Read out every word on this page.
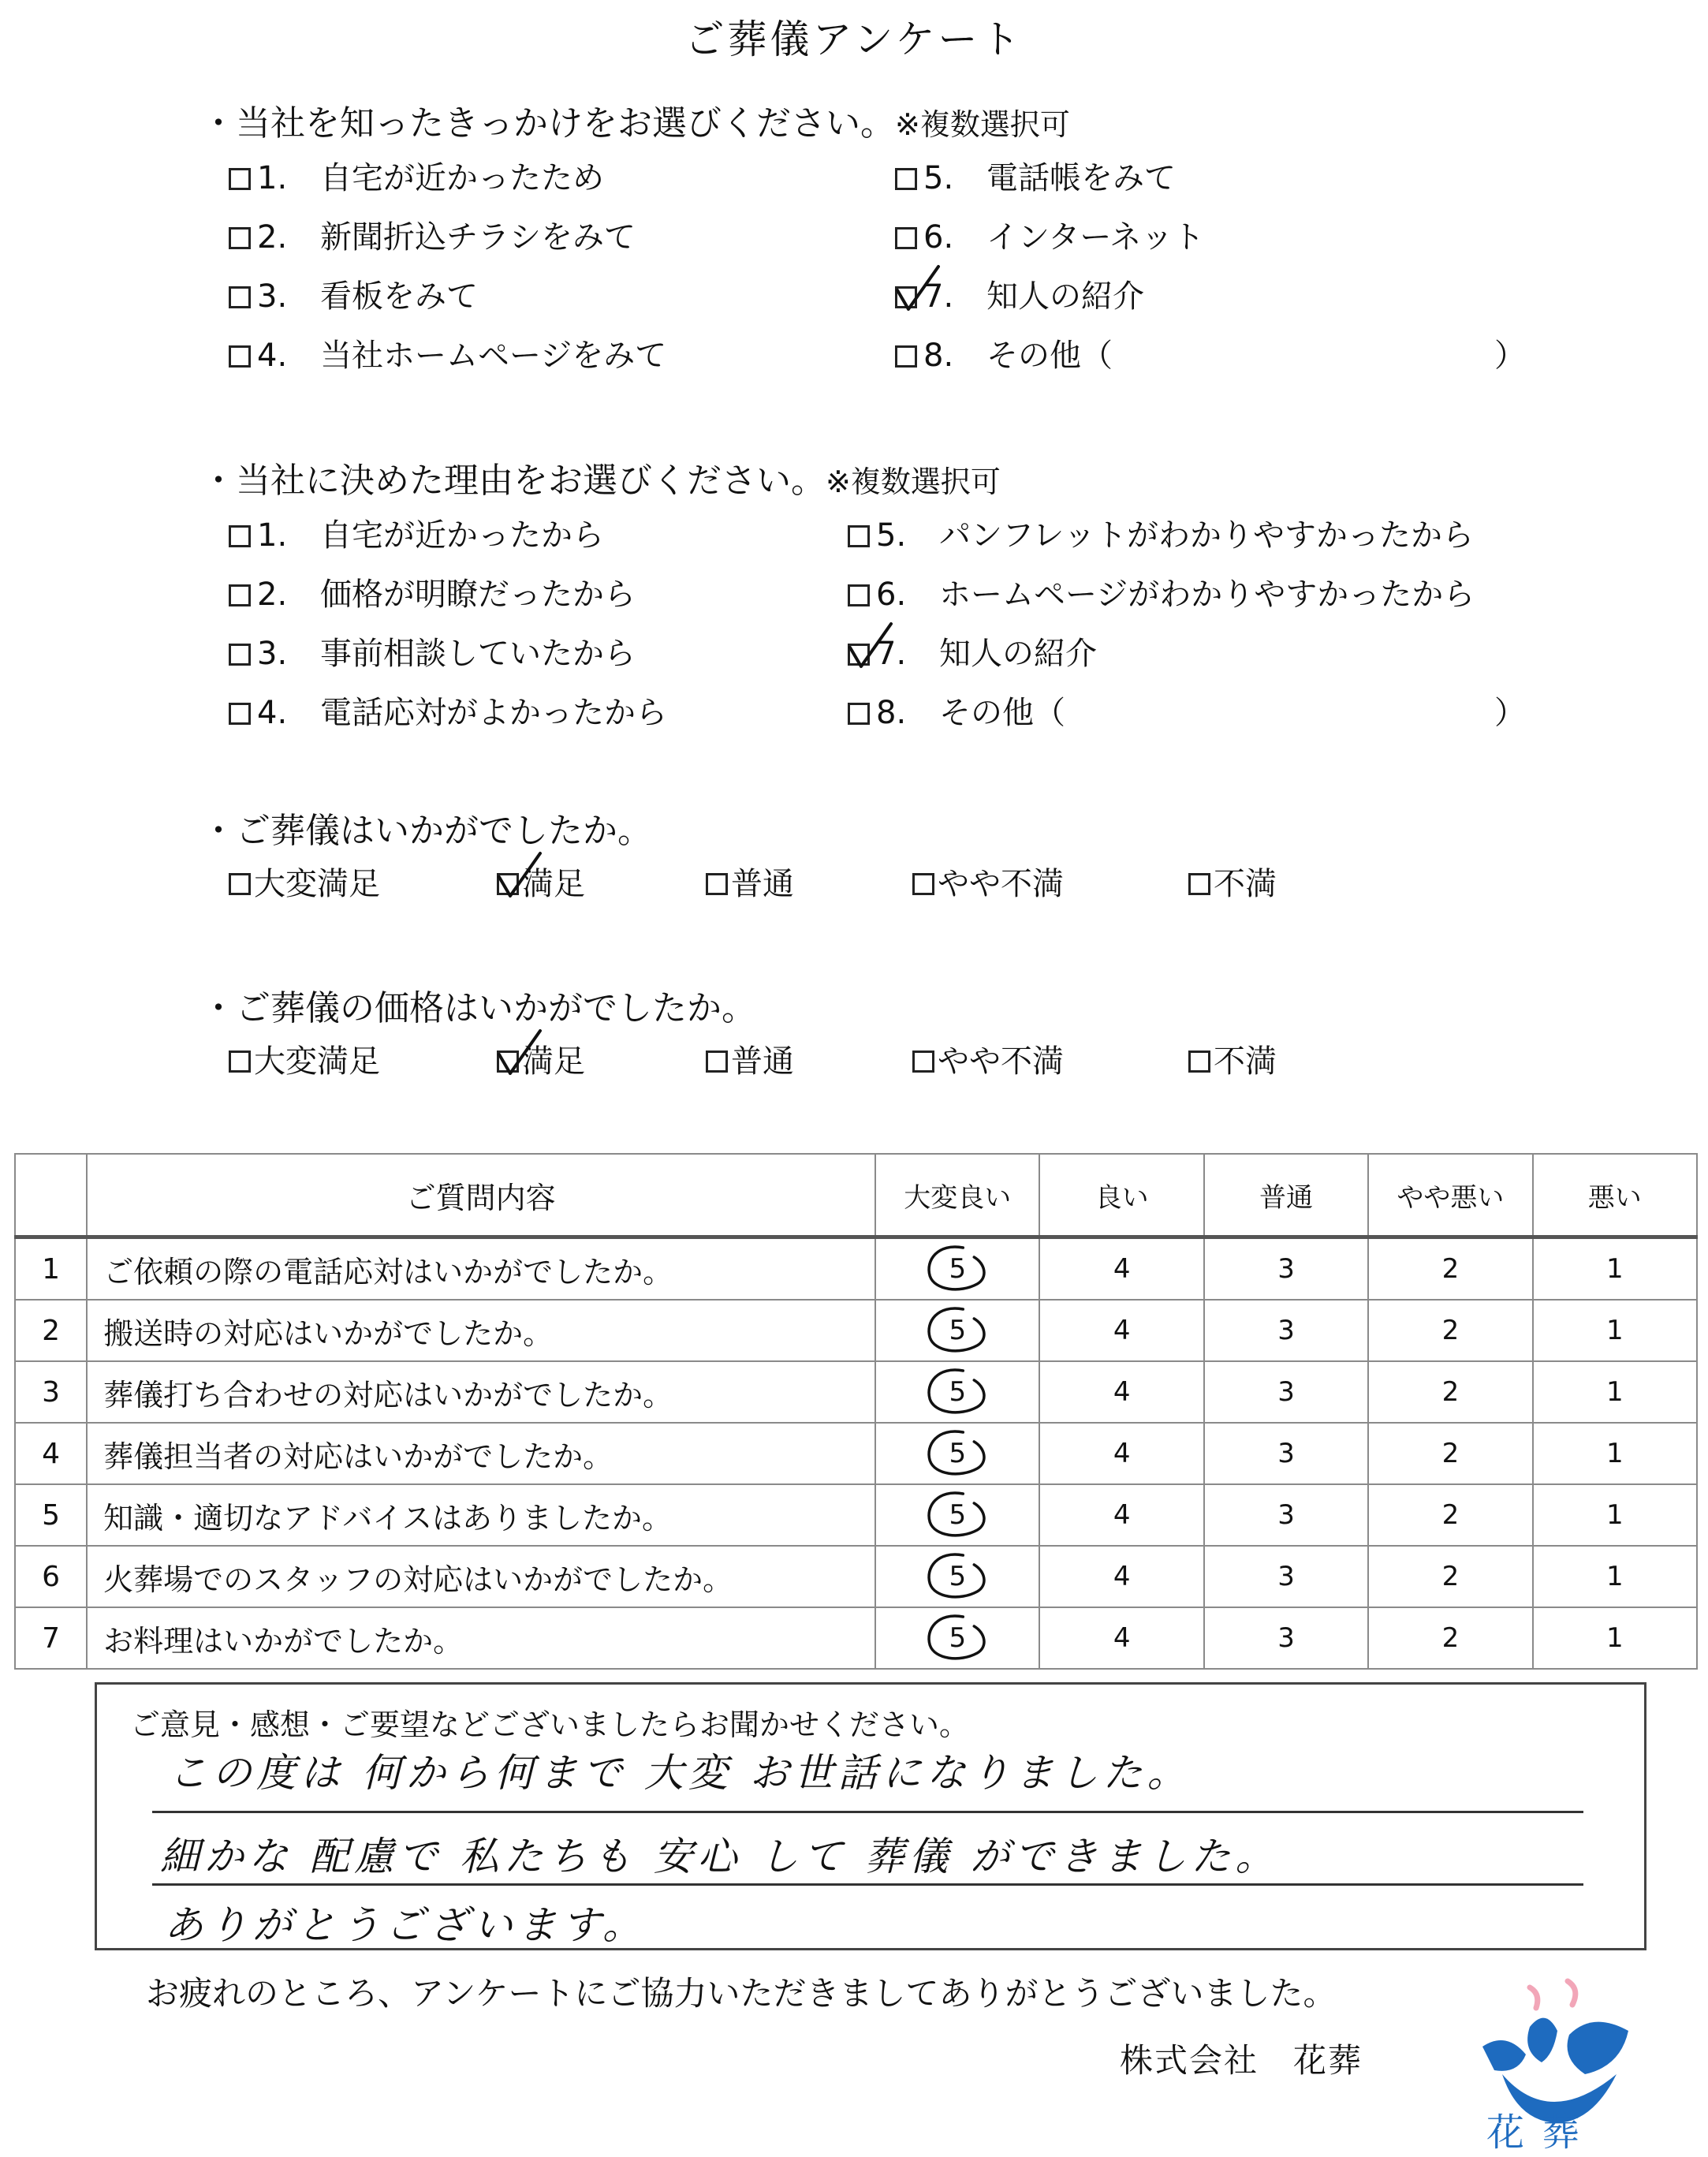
ご葬儀アンケート
・当社を知ったきっかけをお選びください。※複数選択可
1.	自宅が近かったため	5.	電話帳をみて
2.	新聞折込チラシをみて	6.	インターネット
3.	看板をみて	7.	知人の紹介
4.	当社ホームページをみて	8.	その他（	）
・当社に決めた理由をお選びください。※複数選択可
1.	自宅が近かったから	5.	パンフレットがわかりやすかったから
2.	価格が明瞭だったから	6.	ホームページがわかりやすかったから
3.	事前相談していたから	7.	知人の紹介
4.	電話応対がよかったから	8.	その他（	）
・ご葬儀はいかがでしたか。
大変満足	満足	普通	やや不満	不満
・ご葬儀の価格はいかがでしたか。
大変満足	満足	普通	やや不満	不満
	ご質問内容	大変良い	良い	普通	やや悪い	悪い
1	ご依頼の際の電話応対はいかがでしたか。	5	4	3	2	1
2	搬送時の対応はいかがでしたか。	5	4	3	2	1
3	葬儀打ち合わせの対応はいかがでしたか。	5	4	3	2	1
4	葬儀担当者の対応はいかがでしたか。	5	4	3	2	1
5	知識・適切なアドバイスはありましたか。	5	4	3	2	1
6	火葬場でのスタッフの対応はいかがでしたか。	5	4	3	2	1
7	お料理はいかがでしたか。	5	4	3	2	1
ご意見・感想・ご要望などございましたらお聞かせください。
この度は 何から何まで 大変 お世話になりました。
細かな 配慮で 私たちも 安心 して 葬儀 ができました。
ありがとうございます。
お疲れのところ、アンケートにご協力いただきましてありがとうございました。
株式会社　花葬
花葬
